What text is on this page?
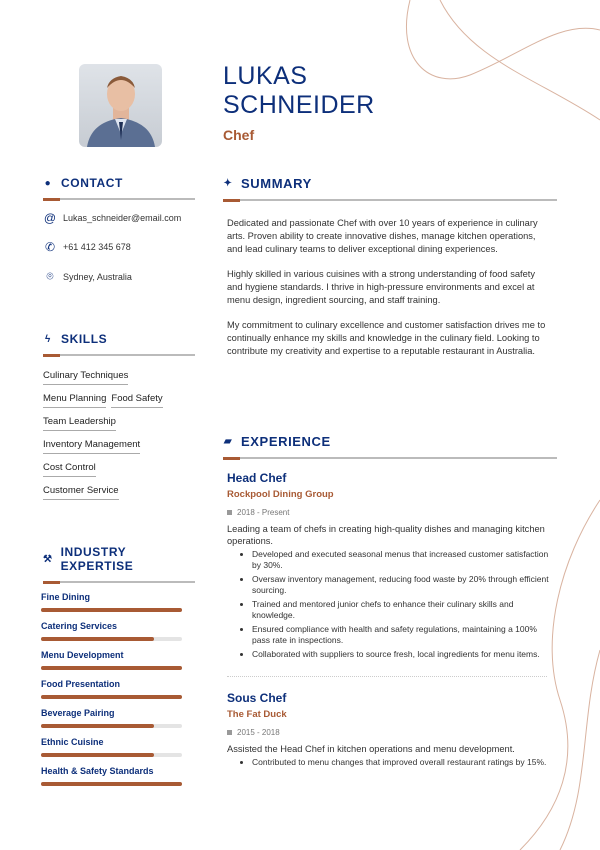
LUKAS
SCHNEIDER
Chef
● CONTACT
@ Lukas_schneider@email.com
✆ +61 412 345 678
⌾	Sydney, Australia
ϟ SKILLS
Culinary Techniques
Menu Planning Food Safety
Team Leadership
Inventory Management
Cost Control
Customer Service
⚒ INDUSTRY EXPERTISE
Fine Dining
Catering Services
Menu Development
Food Presentation
Beverage Pairing
Ethnic Cuisine
Health & Safety Standards
✦ SUMMARY

Dedicated and passionate Chef with over 10 years of experience in culinary arts. Proven ability to create innovative dishes, manage kitchen operations, and lead culinary teams to deliver exceptional dining experiences.

Highly skilled in various cuisines with a strong understanding of food safety and hygiene standards. I thrive in high-pressure environments and excel at menu design, ingredient sourcing, and staff training.

My commitment to culinary excellence and customer satisfaction drives me to continually enhance my skills and knowledge in the culinary field. Looking to contribute my creativity and expertise to a reputable restaurant in Australia.

▰ EXPERIENCE
Head Chef
Rockpool Dining Group
2018 - Present
Leading a team of chefs in creating high-quality dishes and managing kitchen operations.
• Developed and executed seasonal menus that increased customer satisfaction by 30%.
• Oversaw inventory management, reducing food waste by 20% through efficient sourcing.
• Trained and mentored junior chefs to enhance their culinary skills and knowledge.
• Ensured compliance with health and safety regulations, maintaining a 100% pass rate in inspections.
• Collaborated with suppliers to source fresh, local ingredients for menu items.
Sous Chef
The Fat Duck
2015 - 2018
Assisted the Head Chef in kitchen operations and menu development.
• Contributed to menu changes that improved overall restaurant ratings by 15%.
